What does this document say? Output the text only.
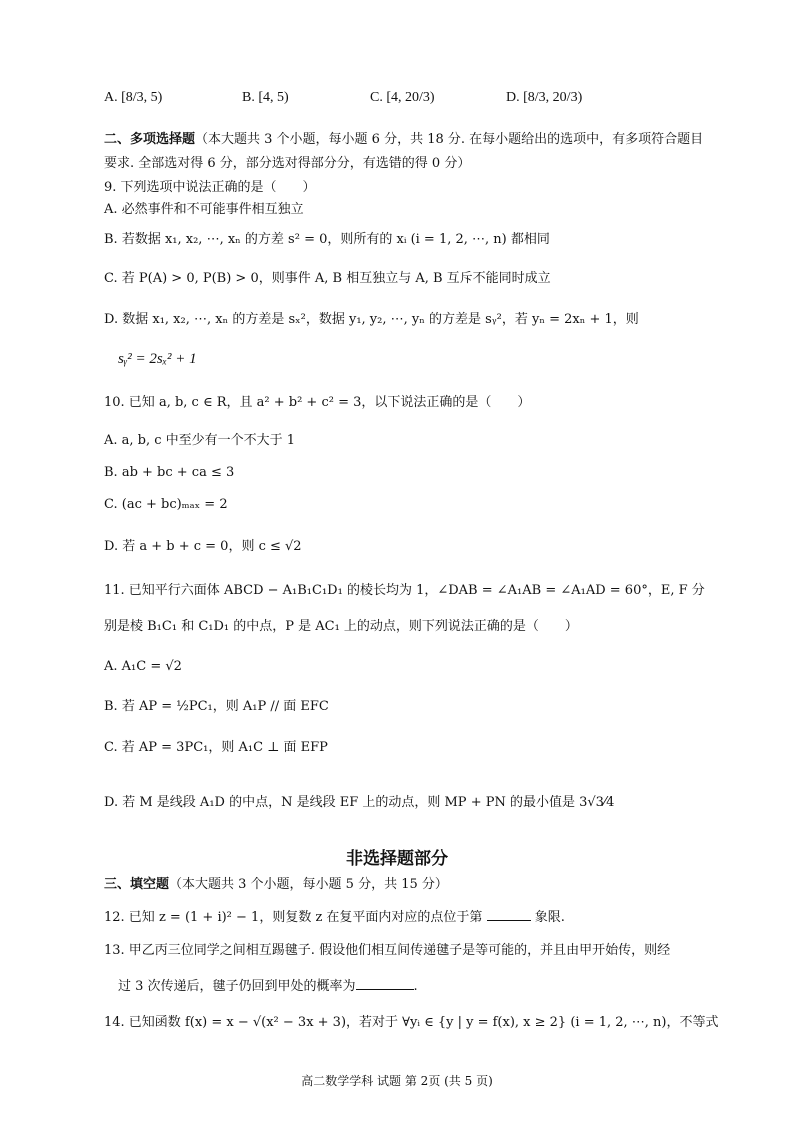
A. [8/3, 5)	B. [4, 5)	C. [4, 20/3)	D. [8/3, 20/3)
二、多项选择题（本大题共 3 个小题，每小题 6 分，共 18 分. 在每小题给出的选项中，有多项符合题目要求. 全部选对得 6 分，部分选对得部分分，有选错的得 0 分）
9. 下列选项中说法正确的是（　　）
A. 必然事件和不可能事件相互独立
B. 若数据 x₁, x₂, ⋯, xₙ 的方差 s² = 0，则所有的 xᵢ (i = 1, 2, ⋯, n) 都相同
C. 若 P(A) > 0, P(B) > 0，则事件 A, B 相互独立与 A, B 互斥不能同时成立
D. 数据 x₁, x₂, ⋯, xₙ 的方差是 sₓ²，数据 y₁, y₂, ⋯, yₙ 的方差是 sᵧ²，若 yₙ = 2xₙ + 1，则
sᵧ² = 2sₓ² + 1
10. 已知 a, b, c ∈ R，且 a² + b² + c² = 3，以下说法正确的是（　　）
A. a, b, c 中至少有一个不大于 1
B. ab + bc + ca ≤ 3
C. (ac + bc)ₘₐₓ = 2
D. 若 a + b + c = 0，则 c ≤ √2
11. 已知平行六面体 ABCD − A₁B₁C₁D₁ 的棱长均为 1，∠DAB = ∠A₁AB = ∠A₁AD = 60°，E, F 分
别是棱 B₁C₁ 和 C₁D₁ 的中点，P 是 AC₁ 上的动点，则下列说法正确的是（　　）
A. A₁C = √2
B. 若 AP = ½PC₁，则 A₁P // 面 EFC
C. 若 AP = 3PC₁，则 A₁C ⊥ 面 EFP
D. 若 M 是线段 A₁D 的中点，N 是线段 EF 上的动点，则 MP + PN 的最小值是 3√3⁄4
非选择题部分
三、填空题（本大题共 3 个小题，每小题 5 分，共 15 分）
12. 已知 z = (1 + i)² − 1，则复数 z 在复平面内对应的点位于第	象限.
13. 甲乙丙三位同学之间相互踢毽子. 假设他们相互间传递毽子是等可能的，并且由甲开始传，则经
过 3 次传递后，毽子仍回到甲处的概率为	.
14. 已知函数 f(x) = x − √(x² − 3x + 3)，若对于 ∀yᵢ ∈ {y | y = f(x), x ≥ 2} (i = 1, 2, ⋯, n)，不等式
高二数学学科 试题 第 2页 (共 5 页)
